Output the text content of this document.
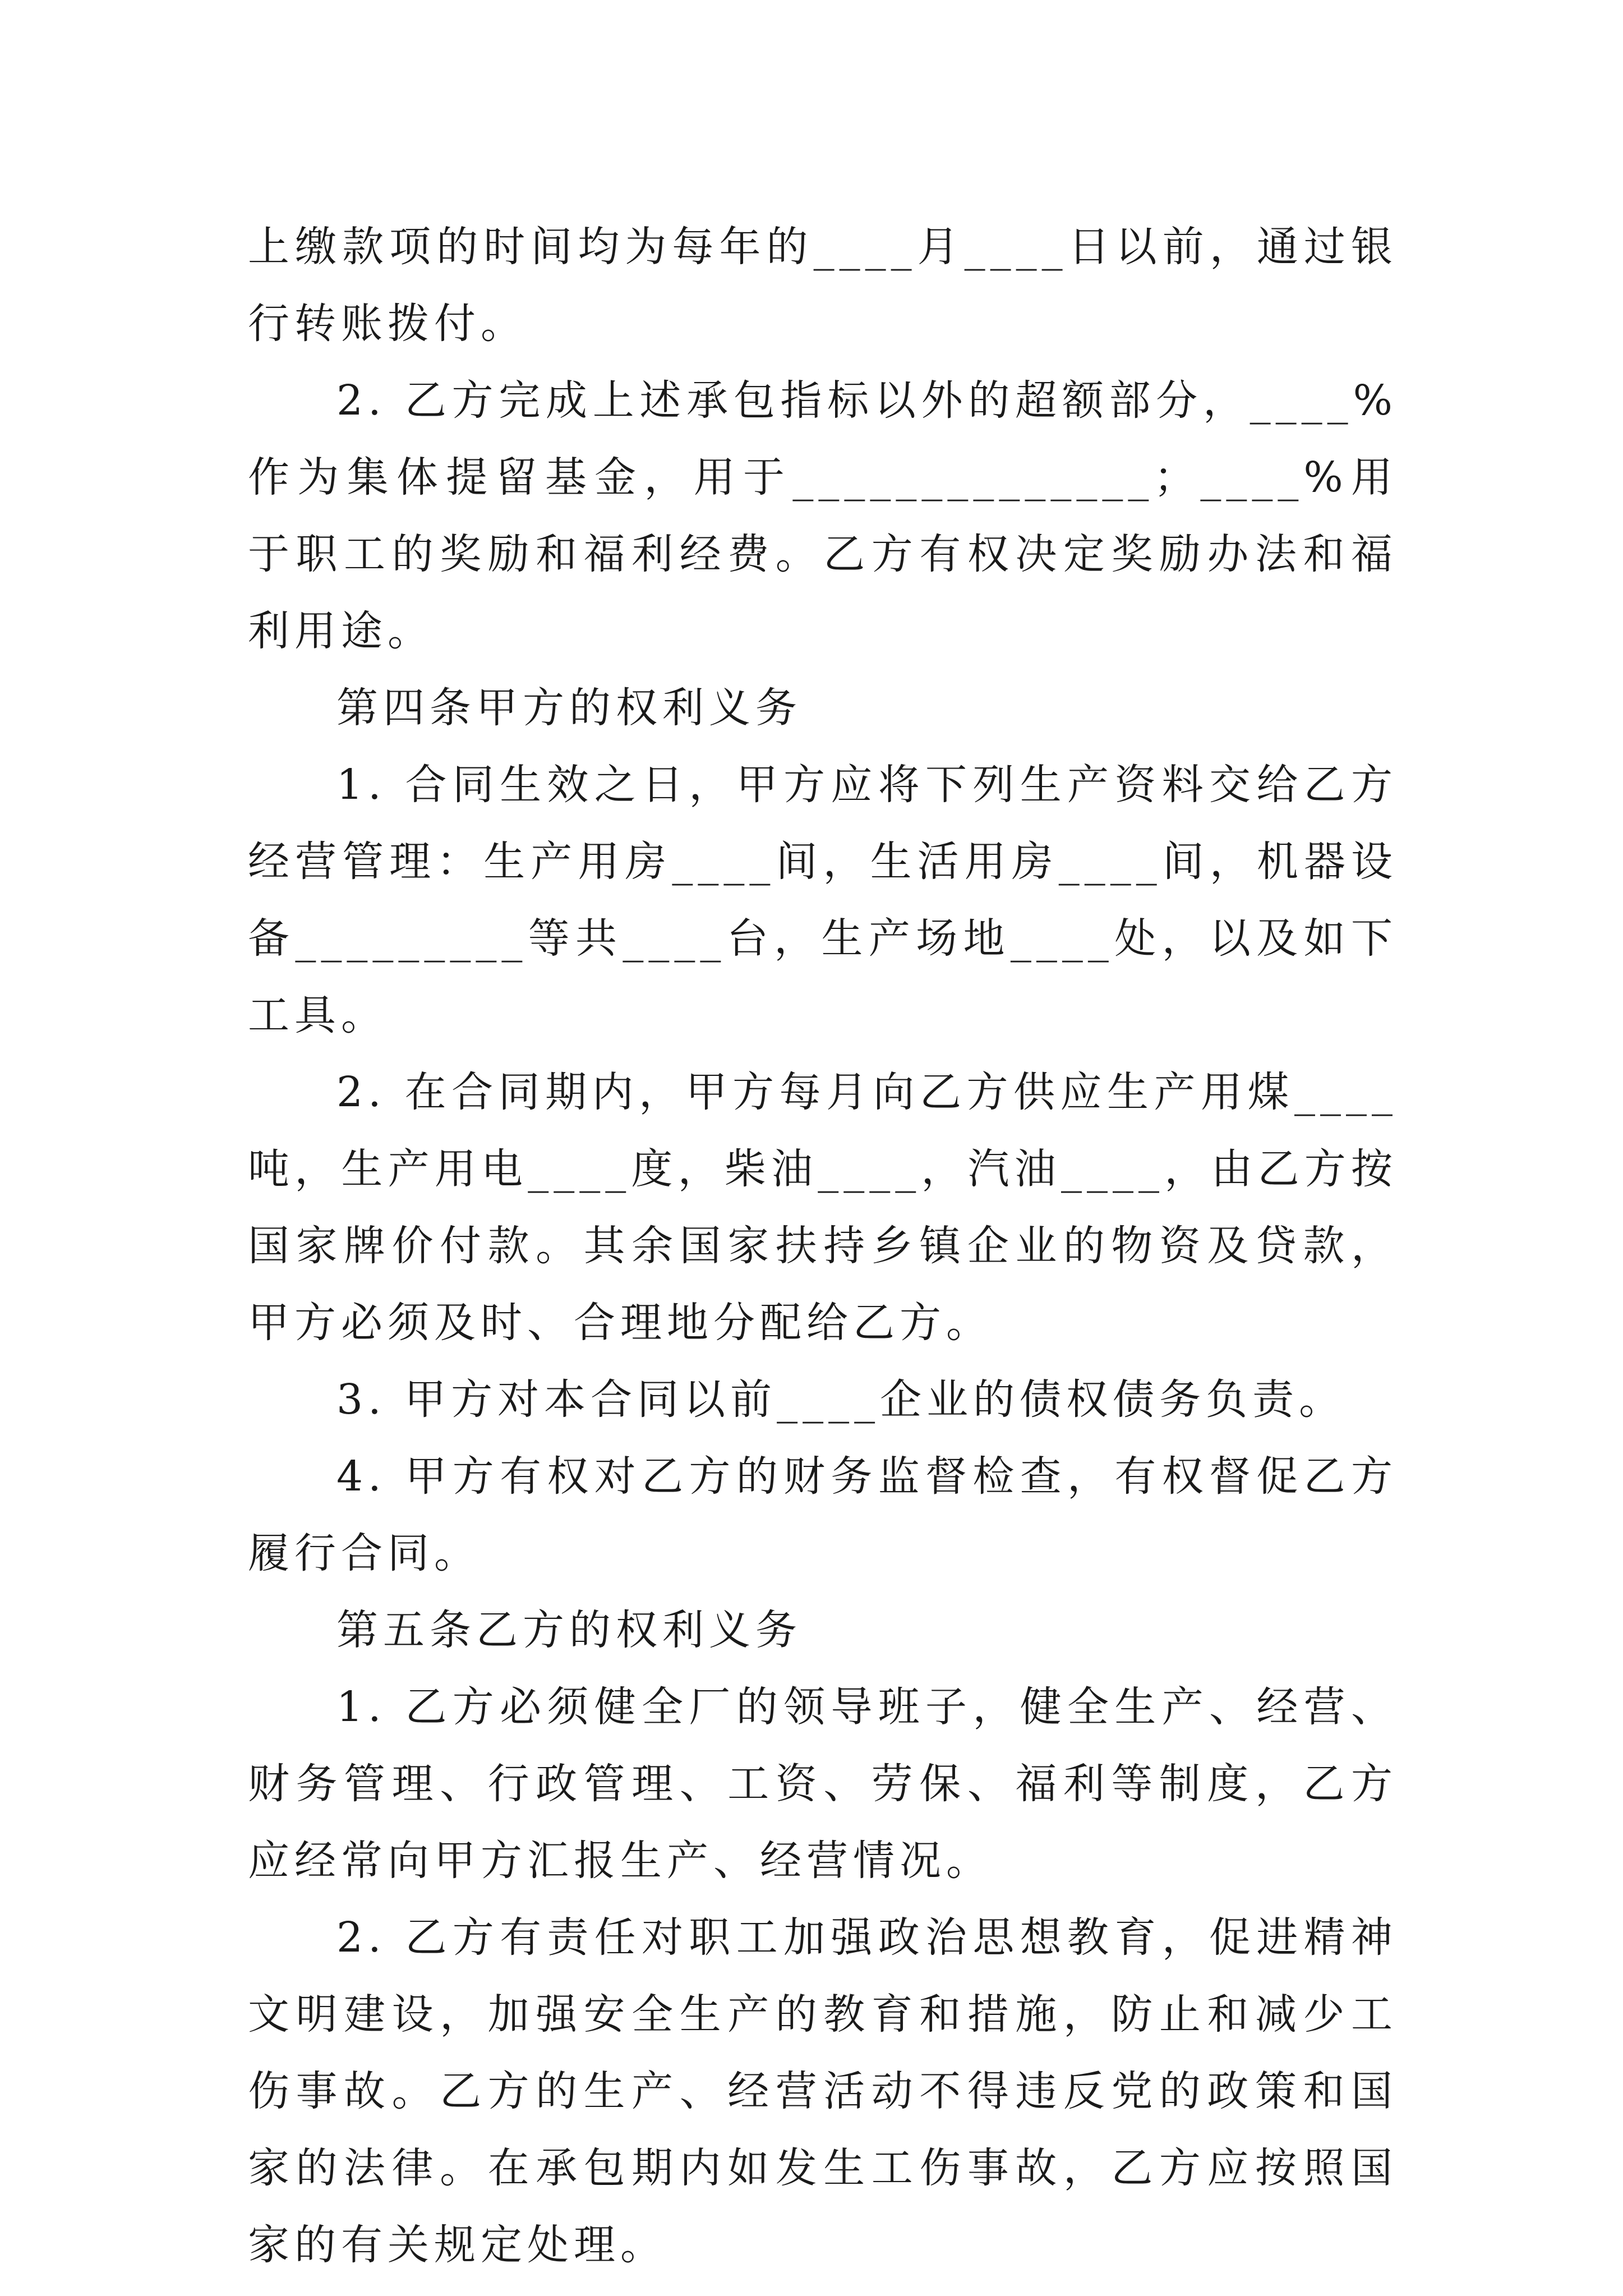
上缴款项的时间均为每年的____月____日以前，通过银行转账拨付。

2. 乙方完成上述承包指标以外的超额部分，____%作为集体提留基金，用于______________；____%用于职工的奖励和福利经费。乙方有权决定奖励办法和福利用途。

第四条甲方的权利义务

1. 合同生效之日，甲方应将下列生产资料交给乙方经营管理：生产用房____间，生活用房____间，机器设备_________等共____台，生产场地____处，以及如下工具。

2. 在合同期内，甲方每月向乙方供应生产用煤____吨，生产用电____度，柴油____，汽油____，由乙方按国家牌价付款。其余国家扶持乡镇企业的物资及贷款，甲方必须及时、合理地分配给乙方。

3. 甲方对本合同以前____企业的债权债务负责。

4. 甲方有权对乙方的财务监督检查，有权督促乙方履行合同。

第五条乙方的权利义务

1. 乙方必须健全厂的领导班子，健全生产、经营、财务管理、行政管理、工资、劳保、福利等制度，乙方应经常向甲方汇报生产、经营情况。

2. 乙方有责任对职工加强政治思想教育，促进精神文明建设，加强安全生产的教育和措施，防止和减少工伤事故。乙方的生产、经营活动不得违反党的政策和国家的法律。在承包期内如发生工伤事故，乙方应按照国家的有关规定处理。
